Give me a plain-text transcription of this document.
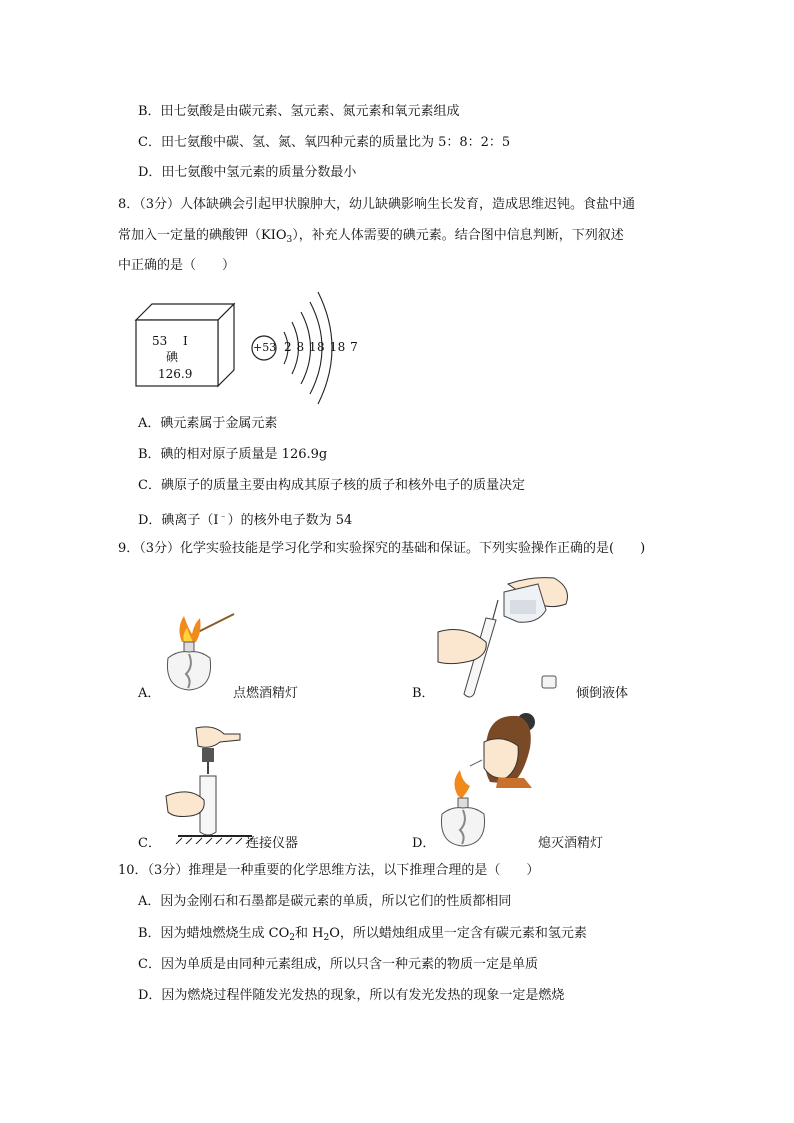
B．田七氨酸是由碳元素、氢元素、氮元素和氧元素组成
C．田七氨酸中碳、氢、氮、氧四种元素的质量比为 5：8：2：5
D．田七氨酸中氢元素的质量分数最小
8．（3分）人体缺碘会引起甲状腺肿大，幼儿缺碘影响生长发育，造成思维迟钝。食盐中通
常加入一定量的碘酸钾$(KIO_3)$，补充人体需要的碘元素。结合图中信息判断，下列叙述
中正确的是（　　）
53 I
碘
126.9
+53 2 8 18 18 7
A．碘元素属于金属元素
B．碘的相对原子质量是 126.9g
C．碘原子的质量主要由构成其原子核的质子和核外电子的质量决定
D．碘离子（I﹣）的核外电子数为 54
9．（3分）化学实验技能是学习化学和实验探究的基础和保证。下列实验操作正确的是(　　)
A．	点燃酒精灯	B．	倾倒液体
C．	连接仪器	D．	熄灭酒精灯
10．（3分）推理是一种重要的化学思维方法，以下推理合理的是（　　）
A．因为金刚石和石墨都是碳元素的单质，所以它们的性质都相同
B．因为蜡烛燃烧生成 $CO_2$和 $H_2O$，所以蜡烛组成里一定含有碳元素和氢元素
C．因为单质是由同种元素组成，所以只含一种元素的物质一定是单质
D．因为燃烧过程伴随发光发热的现象，所以有发光发热的现象一定是燃烧
